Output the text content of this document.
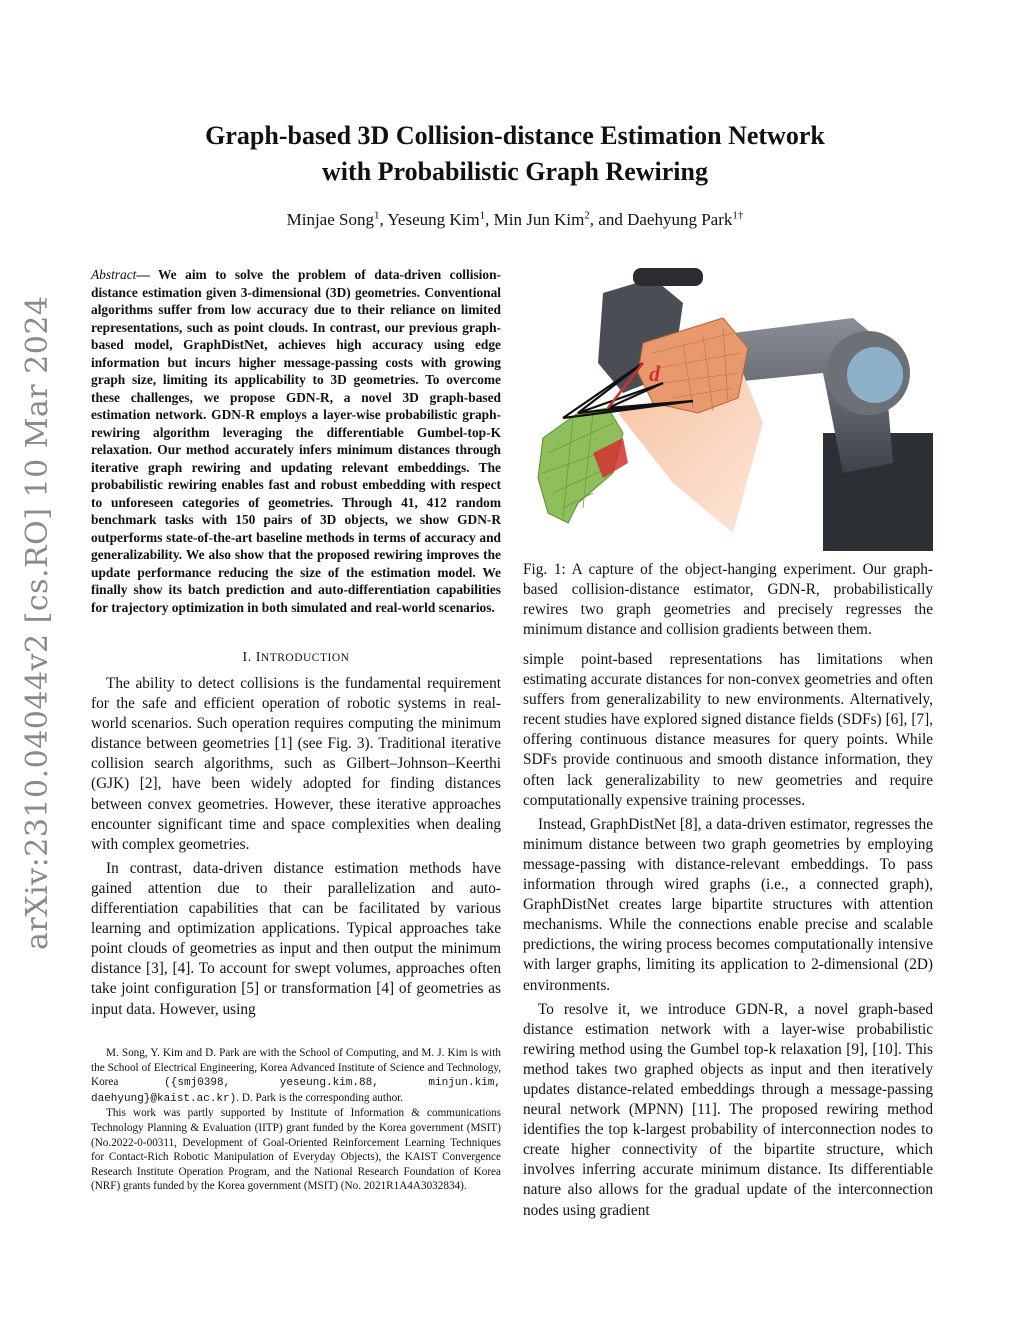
arXiv:2310.04044v2 [cs.RO] 10 Mar 2024
Graph-based 3D Collision-distance Estimation Network
with Probabilistic Graph Rewiring
Minjae Song$^1$, Yeseung Kim$^1$, Min Jun Kim$^2$, and Daehyung Park$^{1\dagger}$
Abstract— We aim to solve the problem of data-driven collision-distance estimation given 3-dimensional (3D) geometries. Conventional algorithms suffer from low accuracy due to their reliance on limited representations, such as point clouds. In contrast, our previous graph-based model, GraphDistNet, achieves high accuracy using edge information but incurs higher message-passing costs with growing graph size, limiting its applicability to 3D geometries. To overcome these challenges, we propose GDN-R, a novel 3D graph-based estimation network. GDN-R employs a layer-wise probabilistic graph-rewiring algorithm leveraging the differentiable Gumbel-top-K relaxation. Our method accurately infers minimum distances through iterative graph rewiring and updating relevant embeddings. The probabilistic rewiring enables fast and robust embedding with respect to unforeseen categories of geometries. Through 41, 412 random benchmark tasks with 150 pairs of 3D objects, we show GDN-R outperforms state-of-the-art baseline methods in terms of accuracy and generalizability. We also show that the proposed rewiring improves the update performance reducing the size of the estimation model. We finally show its batch prediction and auto-differentiation capabilities for trajectory optimization in both simulated and real-world scenarios.
I. INTRODUCTION

The ability to detect collisions is the fundamental requirement for the safe and efficient operation of robotic systems in real-world scenarios. Such operation requires computing the minimum distance between geometries [1] (see Fig. 3). Traditional iterative collision search algorithms, such as Gilbert–Johnson–Keerthi (GJK) [2], have been widely adopted for finding distances between convex geometries. However, these iterative approaches encounter significant time and space complexities when dealing with complex geometries.

In contrast, data-driven distance estimation methods have gained attention due to their parallelization and auto-differentiation capabilities that can be facilitated by various learning and optimization applications. Typical approaches take point clouds of geometries as input and then output the minimum distance [3], [4]. To account for swept volumes, approaches often take joint configuration [5] or transformation [4] of geometries as input data. However, using

M. Song, Y. Kim and D. Park are with the School of Computing, and M. J. Kim is with the School of Electrical Engineering, Korea Advanced Institute of Science and Technology, Korea ({smj0398, yeseung.kim.88, minjun.kim, daehyung}@kaist.ac.kr). D. Park is the corresponding author.

This work was partly supported by Institute of Information & communications Technology Planning & Evaluation (IITP) grant funded by the Korea government (MSIT) (No.2022-0-00311, Development of Goal-Oriented Reinforcement Learning Techniques for Contact-Rich Robotic Manipulation of Everyday Objects), the KAIST Convergence Research Institute Operation Program, and the National Research Foundation of Korea (NRF) grants funded by the Korea government (MSIT) (No. 2021R1A4A3032834).

d
Fig. 1: A capture of the object-hanging experiment. Our graph-based collision-distance estimator, GDN-R, probabilistically rewires two graph geometries and precisely regresses the minimum distance and collision gradients between them.

simple point-based representations has limitations when estimating accurate distances for non-convex geometries and often suffers from generalizability to new environments. Alternatively, recent studies have explored signed distance fields (SDFs) [6], [7], offering continuous distance measures for query points. While SDFs provide continuous and smooth distance information, they often lack generalizability to new geometries and require computationally expensive training processes.

Instead, GraphDistNet [8], a data-driven estimator, regresses the minimum distance between two graph geometries by employing message-passing with distance-relevant embeddings. To pass information through wired graphs (i.e., a connected graph), GraphDistNet creates large bipartite structures with attention mechanisms. While the connections enable precise and scalable predictions, the wiring process becomes computationally intensive with larger graphs, limiting its application to 2-dimensional (2D) environments.

To resolve it, we introduce GDN-R, a novel graph-based distance estimation network with a layer-wise probabilistic rewiring method using the Gumbel top-k relaxation [9], [10]. This method takes two graphed objects as input and then iteratively updates distance-related embeddings through a message-passing neural network (MPNN) [11]. The proposed rewiring method identifies the top k-largest probability of interconnection nodes to create higher connectivity of the bipartite structure, which involves inferring accurate minimum distance. Its differentiable nature also allows for the gradual update of the interconnection nodes using gradient
